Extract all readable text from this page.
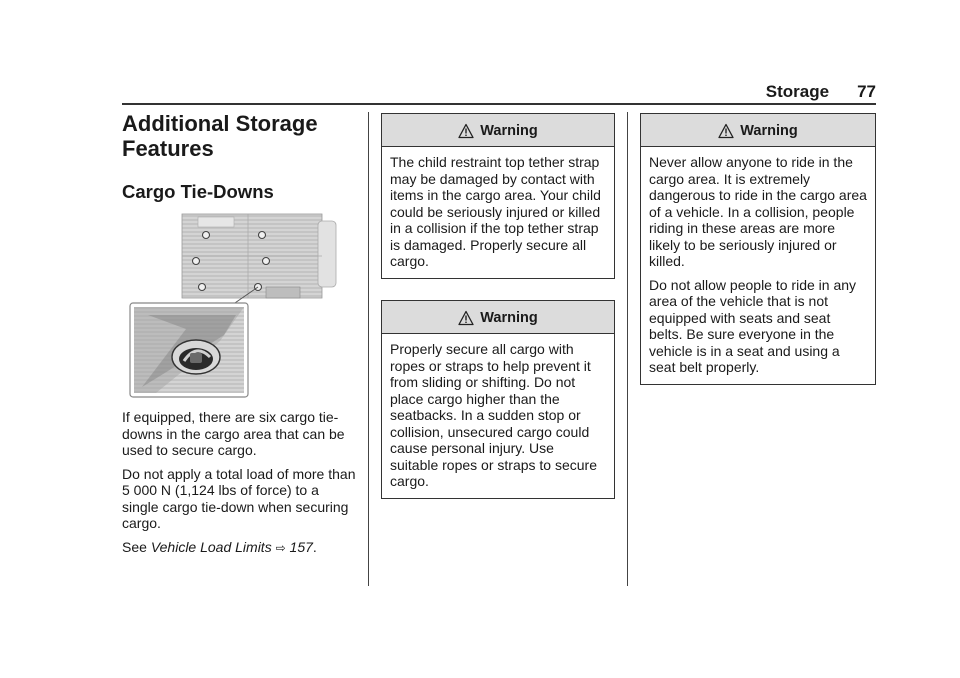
Storage 77
Additional Storage
Features
Cargo Tie-Downs

If equipped, there are six cargo tie-downs in the cargo area that can be used to secure cargo.

Do not apply a total load of more than 5 000 N (1,124 lbs of force) to a single cargo tie-down when securing cargo.

See Vehicle Load Limits ⇨ 157.

Warning

The child restraint top tether strap may be damaged by contact with items in the cargo area. Your child could be seriously injured or killed in a collision if the top tether strap is damaged. Properly secure all cargo.

Warning

Properly secure all cargo with ropes or straps to help prevent it from sliding or shifting. Do not place cargo higher than the seatbacks. In a sudden stop or collision, unsecured cargo could cause personal injury. Use suitable ropes or straps to secure cargo.

Warning

Never allow anyone to ride in the cargo area. It is extremely dangerous to ride in the cargo area of a vehicle. In a collision, people riding in these areas are more likely to be seriously injured or killed.

Do not allow people to ride in any area of the vehicle that is not equipped with seats and seat belts. Be sure everyone in the vehicle is in a seat and using a seat belt properly.
